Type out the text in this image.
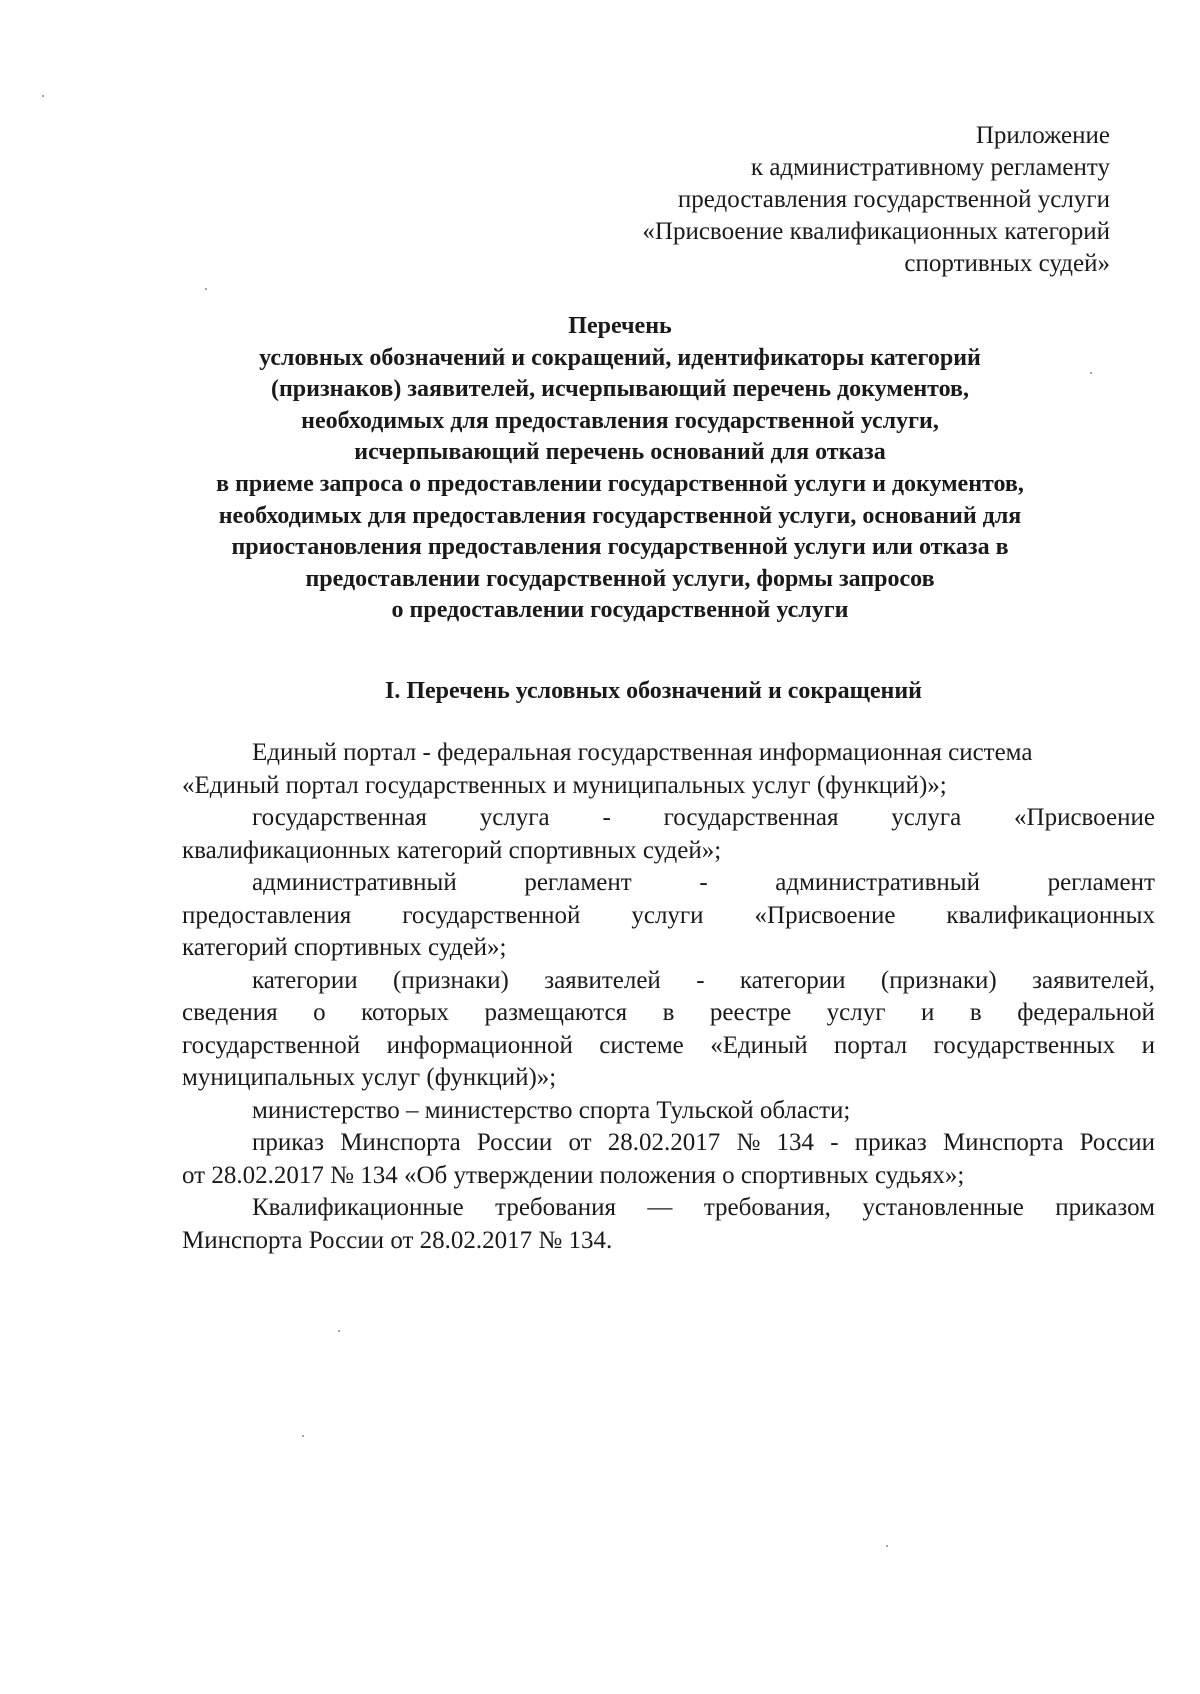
Приложение
к административному регламенту
предоставления государственной услуги
«Присвоение квалификационных категорий
спортивных судей»
Перечень
условных обозначений и сокращений, идентификаторы категорий
(признаков) заявителей, исчерпывающий перечень документов,
необходимых для предоставления государственной услуги,
исчерпывающий перечень оснований для отказа
в приеме запроса о предоставлении государственной услуги и документов,
необходимых для предоставления государственной услуги, оснований для
приостановления предоставления государственной услуги или отказа в
предоставлении государственной услуги, формы запросов
о предоставлении государственной услуги
I. Перечень условных обозначений и сокращений
Единый портал - федеральная государственная информационная система
«Единый портал государственных и муниципальных услуг (функций)»;
государственная услуга - государственная услуга «Присвоение
квалификационных категорий спортивных судей»;
административный	регламент	-	административный	регламент
предоставления государственной услуги «Присвоение квалификационных
категорий спортивных судей»;
категории (признаки) заявителей - категории (признаки) заявителей,
сведения о которых размещаются в реестре услуг и в федеральной
государственной информационной системе «Единый портал государственных и
муниципальных услуг (функций)»;
министерство – министерство спорта Тульской области;
приказ Минспорта России от 28.02.2017 № 134 - приказ Минспорта России
от 28.02.2017 № 134 «Об утверждении положения о спортивных судьях»;
Квалификационные требования — требования, установленные приказом
Минспорта России от 28.02.2017 № 134.
